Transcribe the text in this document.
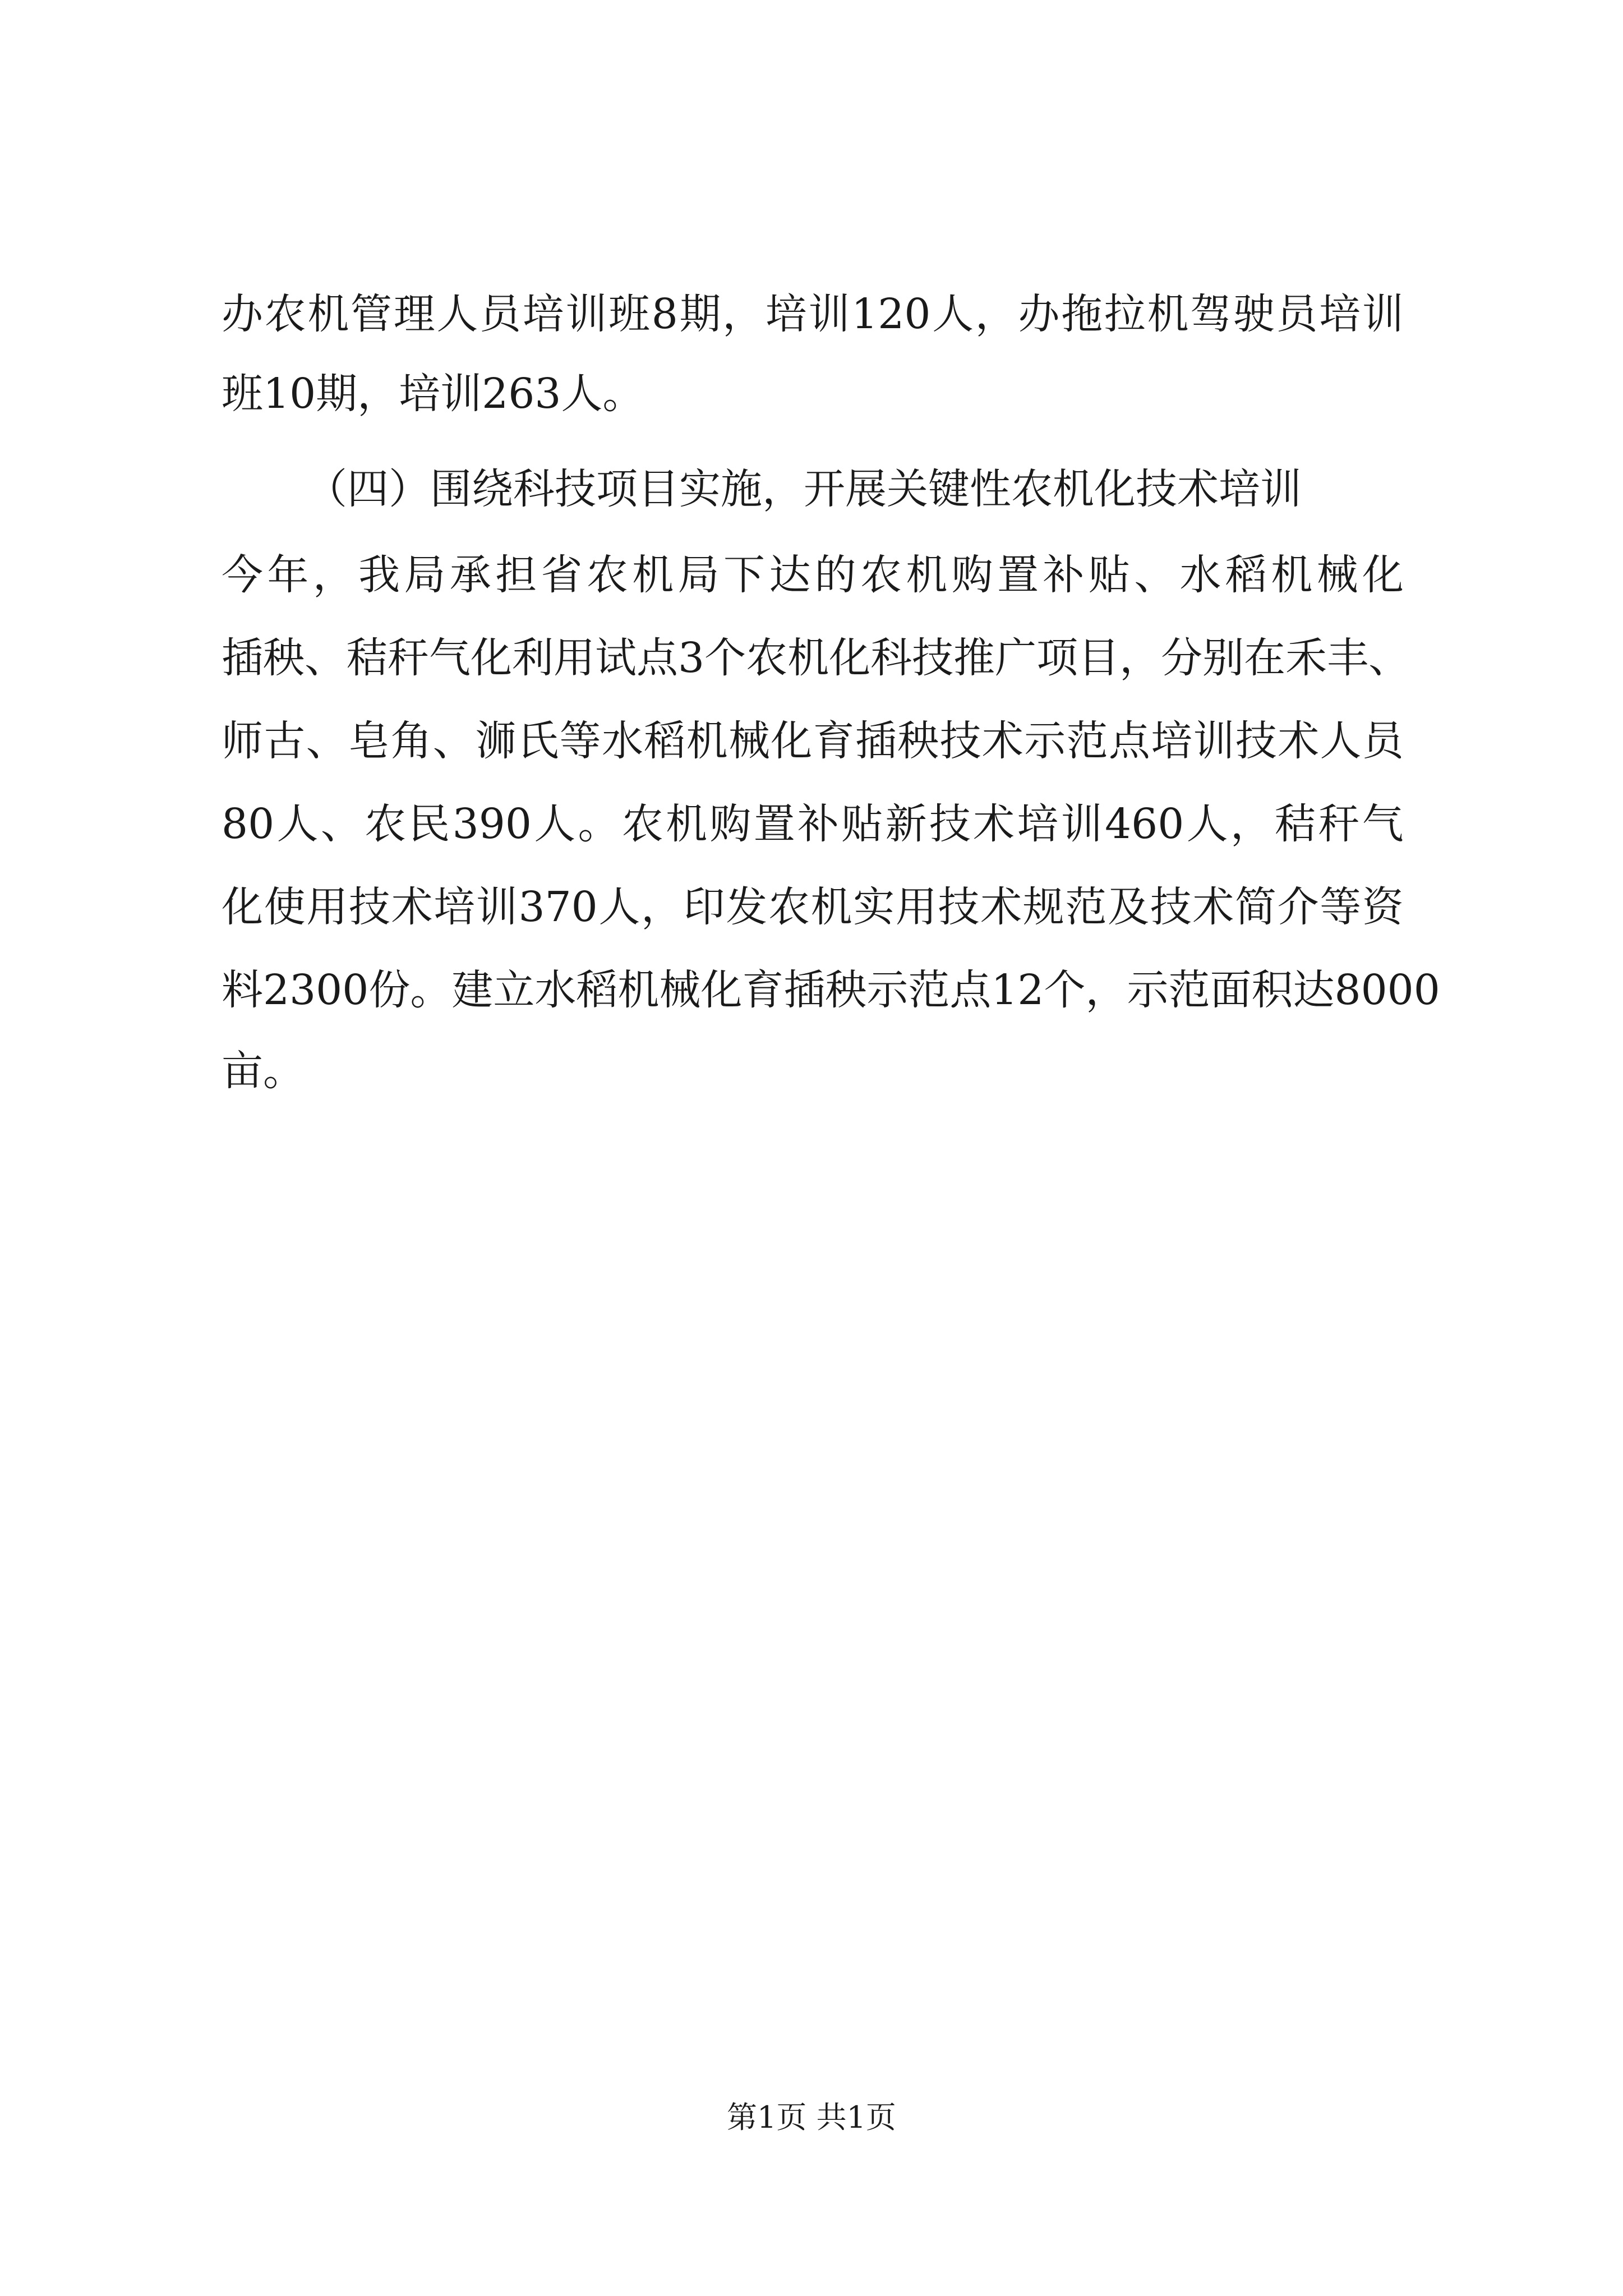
办 农 机 管 理 人 员 培 训 班 8 期 ， 培 训 120 人 ， 办 拖 拉 机 驾 驶 员 培 训
班10期，培训263人。
（四）围绕科技项目实施，开展关键性农机化技术培训
今 年 ， 我 局 承 担 省 农 机 局 下 达 的 农 机 购 置 补 贴 、 水 稻 机 械 化
插 秧 、 秸 秆 气 化 利 用 试 点 3 个 农 机 化 科 技 推 广 项 目 ， 分 别 在 禾 丰 、
师 古 、 皂 角 、 浉 氏 等 水 稻 机 械 化 育 插 秧 技 术 示 范 点 培 训 技 术 人 员
80 人 、 农 民 390 人 。 农 机 购 置 补 贴 新 技 术 培 训 460 人 ， 秸 秆 气
化 使 用 技 术 培 训 370 人 ， 印 发 农 机 实 用 技 术 规 范 及 技 术 简 介 等 资
料 2300 份 。 建 立 水 稻 机 械 化 育 插 秧 示 范 点 12 个 ， 示 范 面 积 达 8000
亩。
第1页 共1页
